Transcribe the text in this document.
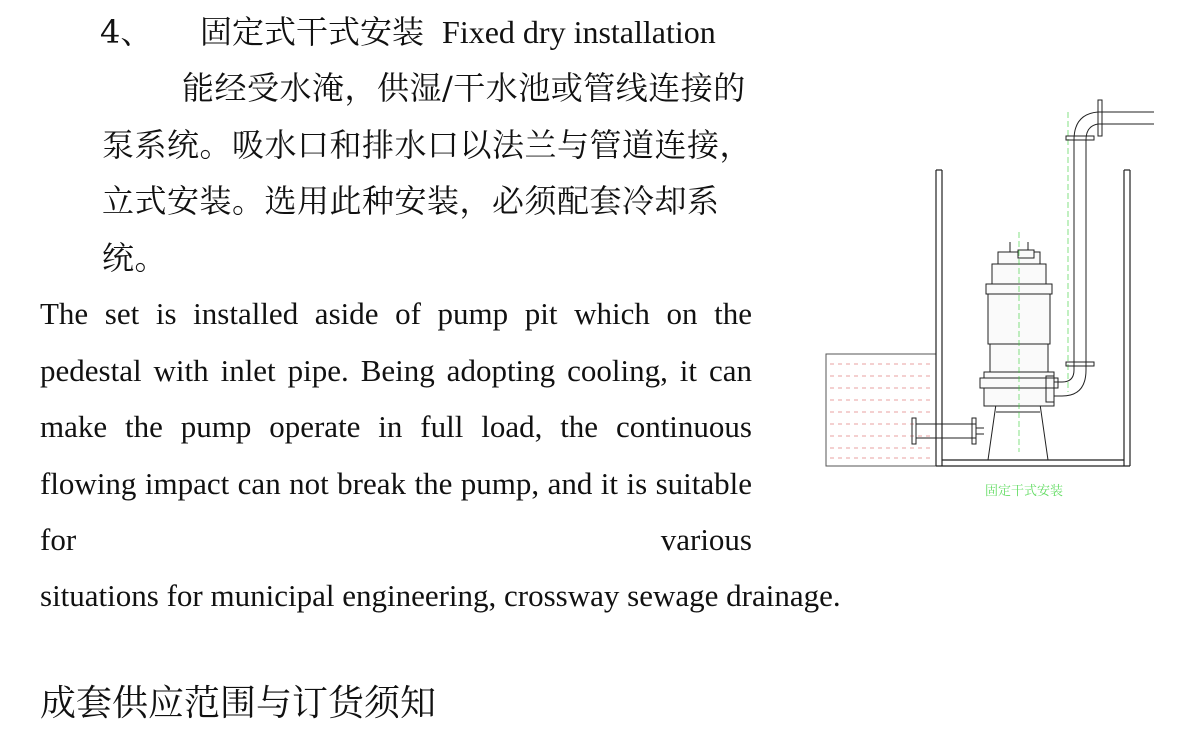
4、 固定式干式安装 Fixed dry installation
能经受水淹，供湿/干水池或管线连接的泵系统。吸水口和排水口以法兰与管道连接，立式安装。选用此种安装，必须配套冷却系统。
The set is installed aside of pump pit which on the pedestal with inlet pipe. Being adopting cooling, it can make the pump operate in full load, the continuous flowing impact can not break the pump, and it is suitable for various
situations for municipal engineering, crossway sewage drainage.
固定干式安装
成套供应范围与订货须知
